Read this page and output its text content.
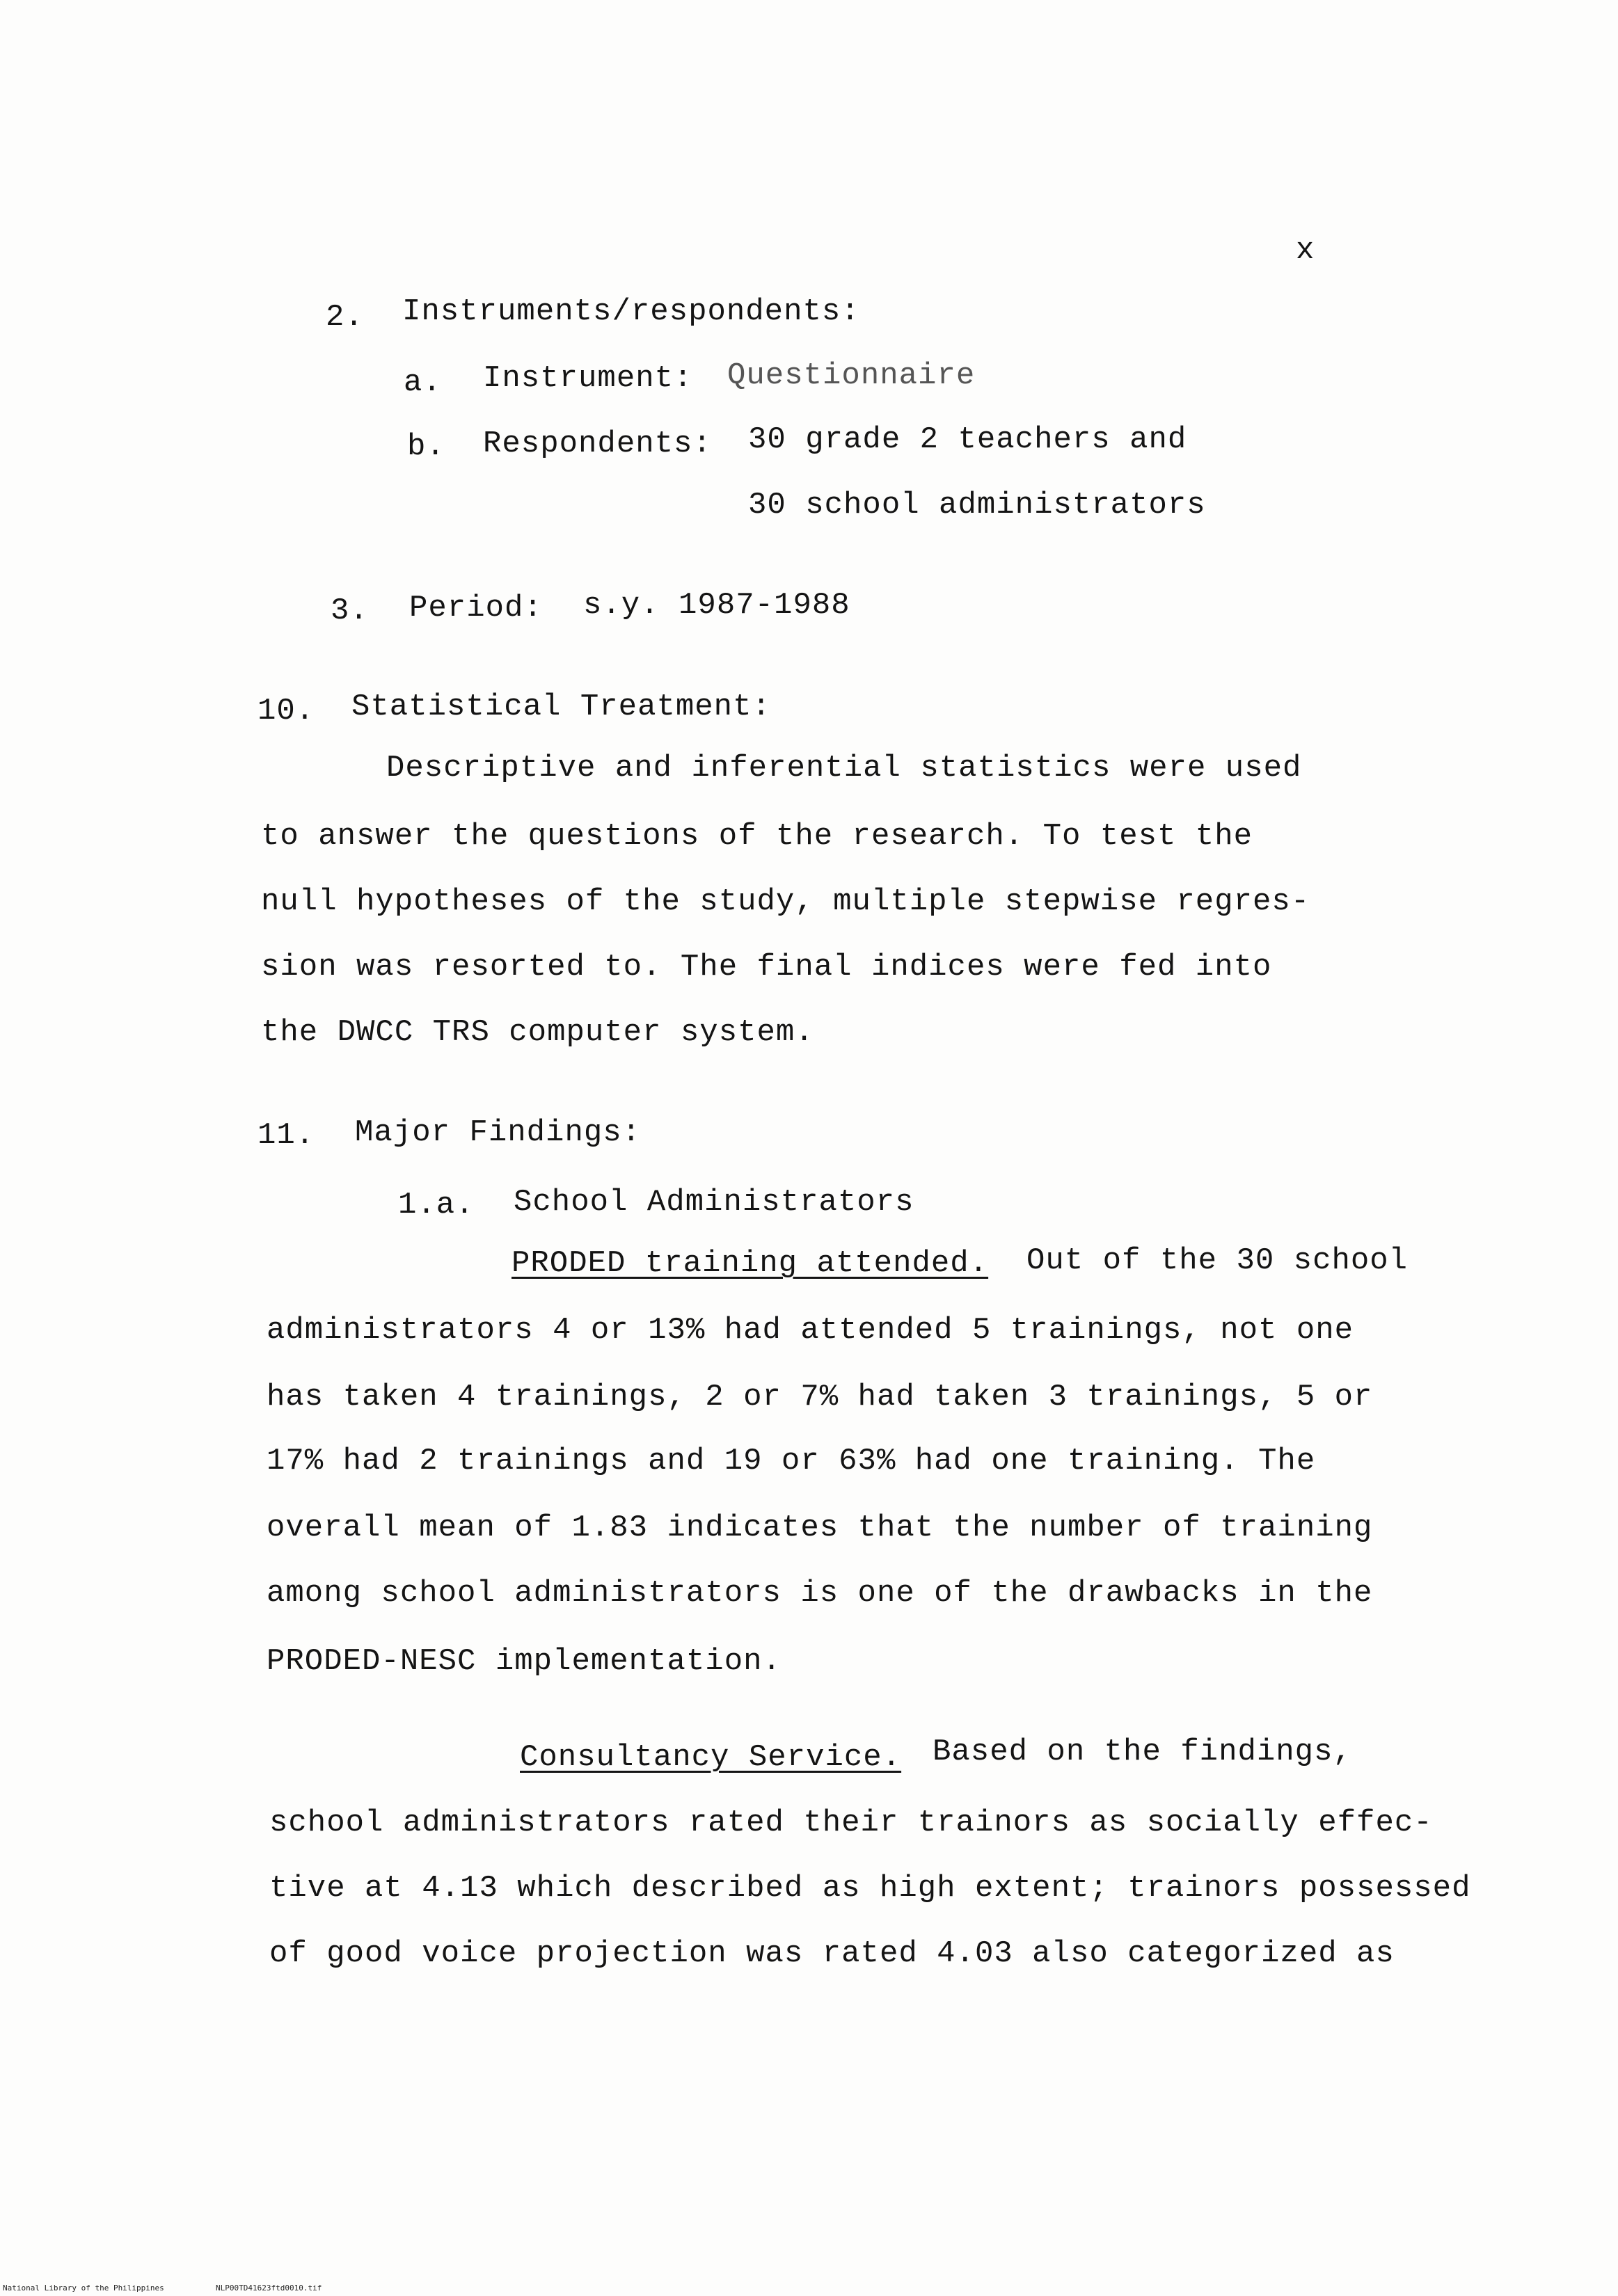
x
2. Instruments/respondents:
a. Instrument: Questionnaire
b. Respondents: 30 grade 2 teachers and
30 school administrators
3. Period: s.y. 1987-1988
10. Statistical Treatment:
Descriptive and inferential statistics were used
to answer the questions of the research. To test the
null hypotheses of the study, multiple stepwise regres-
sion was resorted to. The final indices were fed into
the DWCC TRS computer system.
11. Major Findings:
1.a. School Administrators
PRODED training attended. Out of the 30 school
administrators 4 or 13% had attended 5 trainings, not one
has taken 4 trainings, 2 or 7% had taken 3 trainings, 5 or
17% had 2 trainings and 19 or 63% had one training. The
overall mean of 1.83 indicates that the number of training
among school administrators is one of the drawbacks in the
PRODED-NESC implementation.
Consultancy Service. Based on the findings,
school administrators rated their trainors as socially effec-
tive at 4.13 which described as high extent; trainors possessed
of good voice projection was rated 4.03 also categorized as
National Library of the Philippines	NLP00TD41623ftd0010.tif
